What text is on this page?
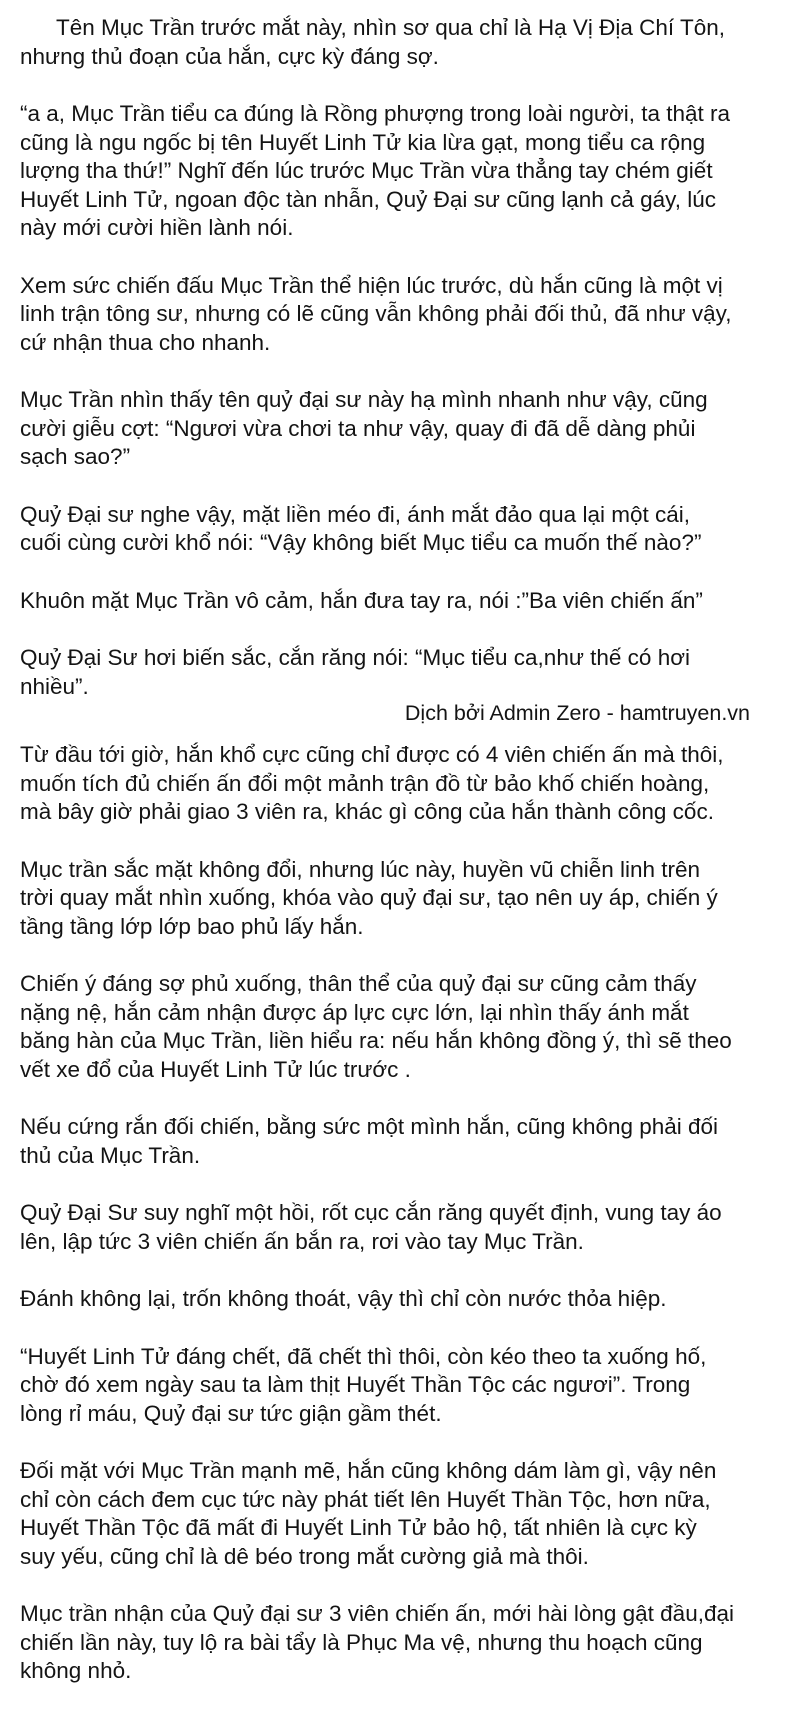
Tên Mục Trần trước mắt này, nhìn sơ qua chỉ là Hạ Vị Địa Chí Tôn,
nhưng thủ đoạn của hắn, cực kỳ đáng sợ.

“a a, Mục Trần tiểu ca đúng là Rồng phượng trong loài người, ta thật ra
cũng là ngu ngốc bị tên Huyết Linh Tử kia lừa gạt, mong tiểu ca rộng
lượng tha thứ!” Nghĩ đến lúc trước Mục Trần vừa thẳng tay chém giết
Huyết Linh Tử, ngoan độc tàn nhẫn, Quỷ Đại sư cũng lạnh cả gáy, lúc
này mới cười hiền lành nói.

Xem sức chiến đấu Mục Trần thể hiện lúc trước, dù hắn cũng là một vị
linh trận tông sư, nhưng có lẽ cũng vẫn không phải đối thủ, đã như vậy,
cứ nhận thua cho nhanh.

Mục Trần nhìn thấy tên quỷ đại sư này hạ mình nhanh như vậy, cũng
cười giễu cợt: “Ngươi vừa chơi ta như vậy, quay đi đã dễ dàng phủi
sạch sao?”

Quỷ Đại sư nghe vậy, mặt liền méo đi, ánh mắt đảo qua lại một cái,
cuối cùng cười khổ nói: “Vậy không biết Mục tiểu ca muốn thế nào?”

Khuôn mặt Mục Trần vô cảm, hắn đưa tay ra, nói :”Ba viên chiến ấn”

Quỷ Đại Sư hơi biến sắc, cắn răng nói: “Mục tiểu ca,như thế có hơi
nhiều”.

Dịch bởi Admin Zero - hamtruyen.vn

Từ đầu tới giờ, hắn khổ cực cũng chỉ được có 4 viên chiến ấn mà thôi,
muốn tích đủ chiến ấn đổi một mảnh trận đồ từ bảo khố chiến hoàng,
mà bây giờ phải giao 3 viên ra, khác gì công của hắn thành công cốc.

Mục trần sắc mặt không đổi, nhưng lúc này, huyền vũ chiễn linh trên
trời quay mắt nhìn xuống, khóa vào quỷ đại sư, tạo nên uy áp, chiến ý
tầng tầng lớp lớp bao phủ lấy hắn.

Chiến ý đáng sợ phủ xuống, thân thể của quỷ đại sư cũng cảm thấy
nặng nệ, hắn cảm nhận được áp lực cực lớn, lại nhìn thấy ánh mắt
băng hàn của Mục Trần, liền hiểu ra: nếu hắn không đồng ý, thì sẽ theo
vết xe đổ của Huyết Linh Tử lúc trước .

Nếu cứng rắn đối chiến, bằng sức một mình hắn, cũng không phải đối
thủ của Mục Trần.

Quỷ Đại Sư suy nghĩ một hồi, rốt cục cắn răng quyết định, vung tay áo
lên, lập tức 3 viên chiến ấn bắn ra, rơi vào tay Mục Trần.

Đánh không lại, trốn không thoát, vậy thì chỉ còn nước thỏa hiệp.

“Huyết Linh Tử đáng chết, đã chết thì thôi, còn kéo theo ta xuống hố,
chờ đó xem ngày sau ta làm thịt Huyết Thần Tộc các ngươi”. Trong
lòng rỉ máu, Quỷ đại sư tức giận gầm thét.

Đối mặt với Mục Trần mạnh mẽ, hắn cũng không dám làm gì, vậy nên
chỉ còn cách đem cục tức này phát tiết lên Huyết Thần Tộc, hơn nữa,
Huyết Thần Tộc đã mất đi Huyết Linh Tử bảo hộ, tất nhiên là cực kỳ
suy yếu, cũng chỉ là dê béo trong mắt cường giả mà thôi.

Mục trần nhận của Quỷ đại sư 3 viên chiến ấn, mới hài lòng gật đầu,đại
chiến lần này, tuy lộ ra bài tẩy là Phục Ma vệ, nhưng thu hoạch cũng
không nhỏ.
